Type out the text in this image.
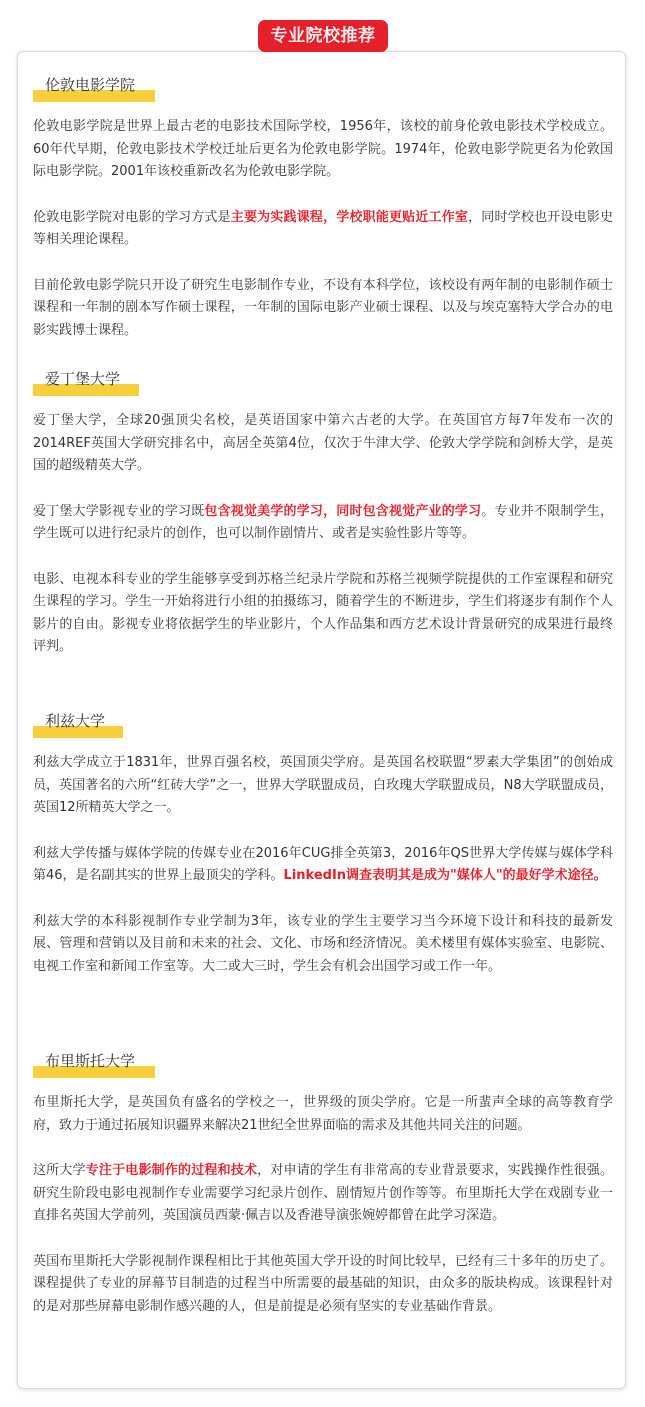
专业院校推荐
伦敦电影学院

伦敦电影学院是世界上最古老的电影技术国际学校，1956年，该校的前身伦敦电影技术学校成立。60年代早期，伦敦电影技术学校迁址后更名为伦敦电影学院。1974年，伦敦电影学院更名为伦敦国际电影学院。2001年该校重新改名为伦敦电影学院。

伦敦电影学院对电影的学习方式是主要为实践课程，学校职能更贴近工作室，同时学校也开设电影史等相关理论课程。

目前伦敦电影学院只开设了研究生电影制作专业，不设有本科学位，该校设有两年制的电影制作硕士课程和一年制的剧本写作硕士课程，一年制的国际电影产业硕士课程、以及与埃克塞特大学合办的电影实践博士课程。

爱丁堡大学

爱丁堡大学，全球20强顶尖名校，是英语国家中第六古老的大学。在英国官方每7年发布一次的2014REF英国大学研究排名中，高居全英第4位，仅次于牛津大学、伦敦大学学院和剑桥大学，是英国的超级精英大学。

爱丁堡大学影视专业的学习既包含视觉美学的学习，同时包含视觉产业的学习。专业并不限制学生，学生既可以进行纪录片的创作，也可以制作剧情片、或者是实验性影片等等。

电影、电视本科专业的学生能够享受到苏格兰纪录片学院和苏格兰视频学院提供的工作室课程和研究生课程的学习。学生一开始将进行小组的拍摄练习，随着学生的不断进步，学生们将逐步有制作个人影片的自由。影视专业将依据学生的毕业影片，个人作品集和西方艺术设计背景研究的成果进行最终评判。

利兹大学

利兹大学成立于1831年，世界百强名校，英国顶尖学府。是英国名校联盟“罗素大学集团”的创始成员，英国著名的六所“红砖大学”之一，世界大学联盟成员，白玫瑰大学联盟成员，N8大学联盟成员，英国12所精英大学之一。

利兹大学传播与媒体学院的传媒专业在2016年CUG排全英第3，2016年QS世界大学传媒与媒体学科第46，是名副其实的世界上最顶尖的学科。LinkedIn调查表明其是成为"媒体人"的最好学术途径。

利兹大学的本科影视制作专业学制为3年，该专业的学生主要学习当今环境下设计和科技的最新发展、管理和营销以及目前和未来的社会、文化、市场和经济情况。美术楼里有媒体实验室、电影院、电视工作室和新闻工作室等。大二或大三时，学生会有机会出国学习或工作一年。

布里斯托大学

布里斯托大学，是英国负有盛名的学校之一，世界级的顶尖学府。它是一所蜚声全球的高等教育学府，致力于通过拓展知识疆界来解决21世纪全世界面临的需求及其他共同关注的问题。

这所大学专注于电影制作的过程和技术，对申请的学生有非常高的专业背景要求，实践操作性很强。研究生阶段电影电视制作专业需要学习纪录片创作、剧情短片创作等等。布里斯托大学在戏剧专业一直排名英国大学前列，英国演员西蒙·佩吉以及香港导演张婉婷都曾在此学习深造。

英国布里斯托大学影视制作课程相比于其他英国大学开设的时间比较早，已经有三十多年的历史了。课程提供了专业的屏幕节目制造的过程当中所需要的最基础的知识，由众多的版块构成。该课程针对的是对那些屏幕电影制作感兴趣的人，但是前提是必须有坚实的专业基础作背景。
